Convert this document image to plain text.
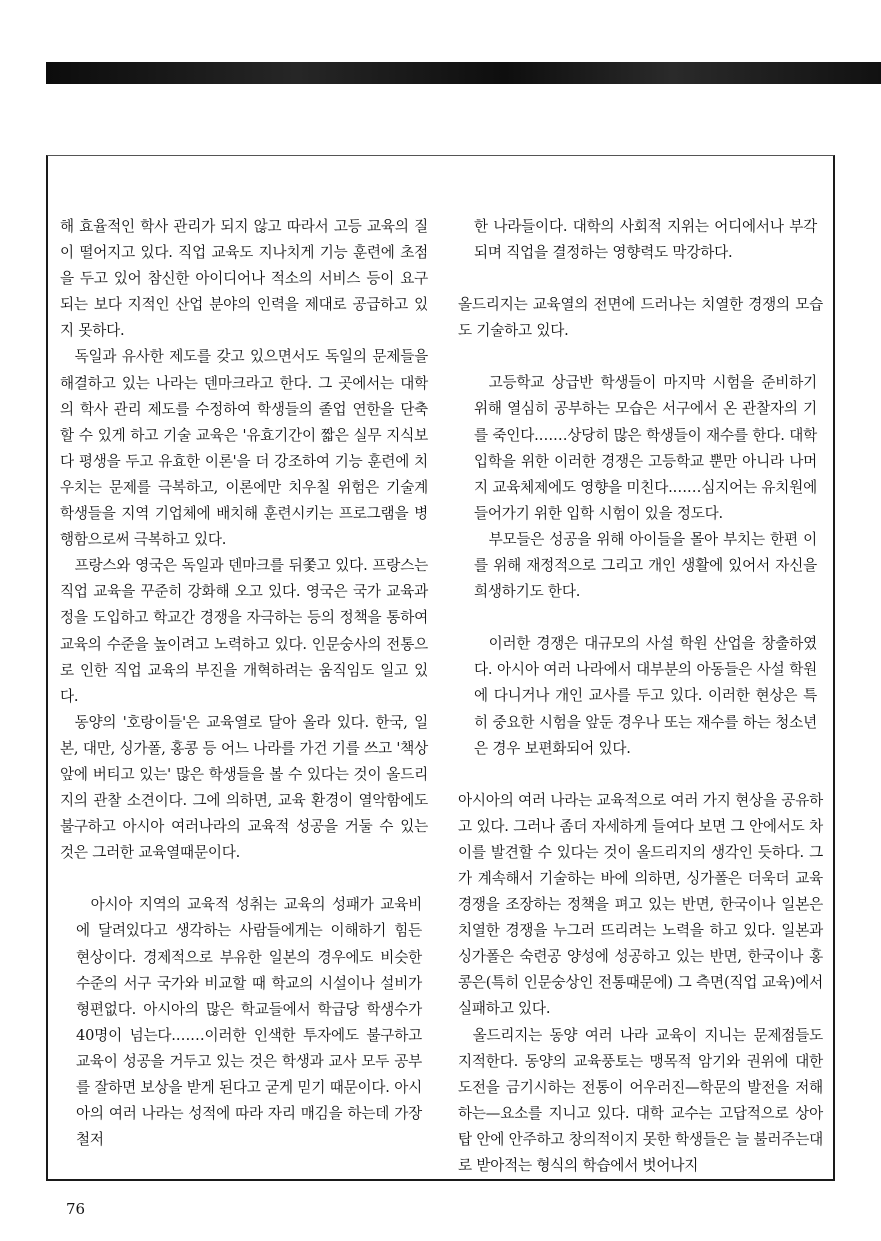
해 효율적인 학사 관리가 되지 않고 따라서 고등 교육의 질이 떨어지고 있다. 직업 교육도 지나치게 기능 훈련에 초점을 두고 있어 참신한 아이디어나 적소의 서비스 등이 요구되는 보다 지적인 산업 분야의 인력을 제대로 공급하고 있지 못하다.

독일과 유사한 제도를 갖고 있으면서도 독일의 문제들을 해결하고 있는 나라는 덴마크라고 한다. 그 곳에서는 대학의 학사 관리 제도를 수정하여 학생들의 졸업 연한을 단축할 수 있게 하고 기술 교육은 '유효기간이 짧은 실무 지식보다 평생을 두고 유효한 이론'을 더 강조하여 기능 훈련에 치우치는 문제를 극복하고, 이론에만 치우칠 위험은 기술계 학생들을 지역 기업체에 배치해 훈련시키는 프로그램을 병행함으로써 극복하고 있다.

프랑스와 영국은 독일과 덴마크를 뒤쫓고 있다. 프랑스는 직업 교육을 꾸준히 강화해 오고 있다. 영국은 국가 교육과정을 도입하고 학교간 경쟁을 자극하는 등의 정책을 통하여 교육의 수준을 높이려고 노력하고 있다. 인문숭사의 전통으로 인한 직업 교육의 부진을 개혁하려는 움직임도 일고 있다.

동양의 '호랑이들'은 교육열로 달아 올라 있다. 한국, 일본, 대만, 싱가폴, 홍콩 등 어느 나라를 가건 기를 쓰고 '책상 앞에 버티고 있는' 많은 학생들을 볼 수 있다는 것이 올드리지의 관찰 소견이다. 그에 의하면, 교육 환경이 열악함에도 불구하고 아시아 여러나라의 교육적 성공을 거둘 수 있는 것은 그러한 교육열때문이다.

아시아 지역의 교육적 성취는 교육의 성패가 교육비에 달려있다고 생각하는 사람들에게는 이해하기 힘든 현상이다. 경제적으로 부유한 일본의 경우에도 비슷한 수준의 서구 국가와 비교할 때 학교의 시설이나 설비가 형편없다. 아시아의 많은 학교들에서 학급당 학생수가 40명이 넘는다.……이러한 인색한 투자에도 불구하고 교육이 성공을 거두고 있는 것은 학생과 교사 모두 공부를 잘하면 보상을 받게 된다고 굳게 믿기 때문이다. 아시아의 여러 나라는 성적에 따라 자리 매김을 하는데 가장 철저

한 나라들이다. 대학의 사회적 지위는 어디에서나 부각되며 직업을 결정하는 영향력도 막강하다.

올드리지는 교육열의 전면에 드러나는 치열한 경쟁의 모습도 기술하고 있다.

고등학교 상급반 학생들이 마지막 시험을 준비하기 위해 열심히 공부하는 모습은 서구에서 온 관찰자의 기를 죽인다.……상당히 많은 학생들이 재수를 한다. 대학 입학을 위한 이러한 경쟁은 고등학교 뿐만 아니라 나머지 교육체제에도 영향을 미친다.……심지어는 유치원에 들어가기 위한 입학 시험이 있을 정도다.

부모들은 성공을 위해 아이들을 몰아 부치는 한편 이를 위해 재정적으로 그리고 개인 생활에 있어서 자신을 희생하기도 한다.

이러한 경쟁은 대규모의 사설 학원 산업을 창출하였다. 아시아 여러 나라에서 대부분의 아동들은 사설 학원에 다니거나 개인 교사를 두고 있다. 이러한 현상은 특히 중요한 시험을 앞둔 경우나 또는 재수를 하는 청소년은 경우 보편화되어 있다.

아시아의 여러 나라는 교육적으로 여러 가지 현상을 공유하고 있다. 그러나 좀더 자세하게 들여다 보면 그 안에서도 차이를 발견할 수 있다는 것이 올드리지의 생각인 듯하다. 그가 계속해서 기술하는 바에 의하면, 싱가폴은 더욱더 교육 경쟁을 조장하는 정책을 펴고 있는 반면, 한국이나 일본은 치열한 경쟁을 누그러 뜨리려는 노력을 하고 있다. 일본과 싱가폴은 숙련공 양성에 성공하고 있는 반면, 한국이나 홍콩은(특히 인문숭상인 전통때문에) 그 측면(직업 교육)에서 실패하고 있다.

올드리지는 동양 여러 나라 교육이 지니는 문제점들도 지적한다. 동양의 교육풍토는 맹목적 암기와 권위에 대한 도전을 금기시하는 전통이 어우러진—학문의 발전을 저해하는—요소를 지니고 있다. 대학 교수는 고답적으로 상아탑 안에 안주하고 창의적이지 못한 학생들은 늘 불러주는대로 받아적는 형식의 학습에서 벗어나지

76
